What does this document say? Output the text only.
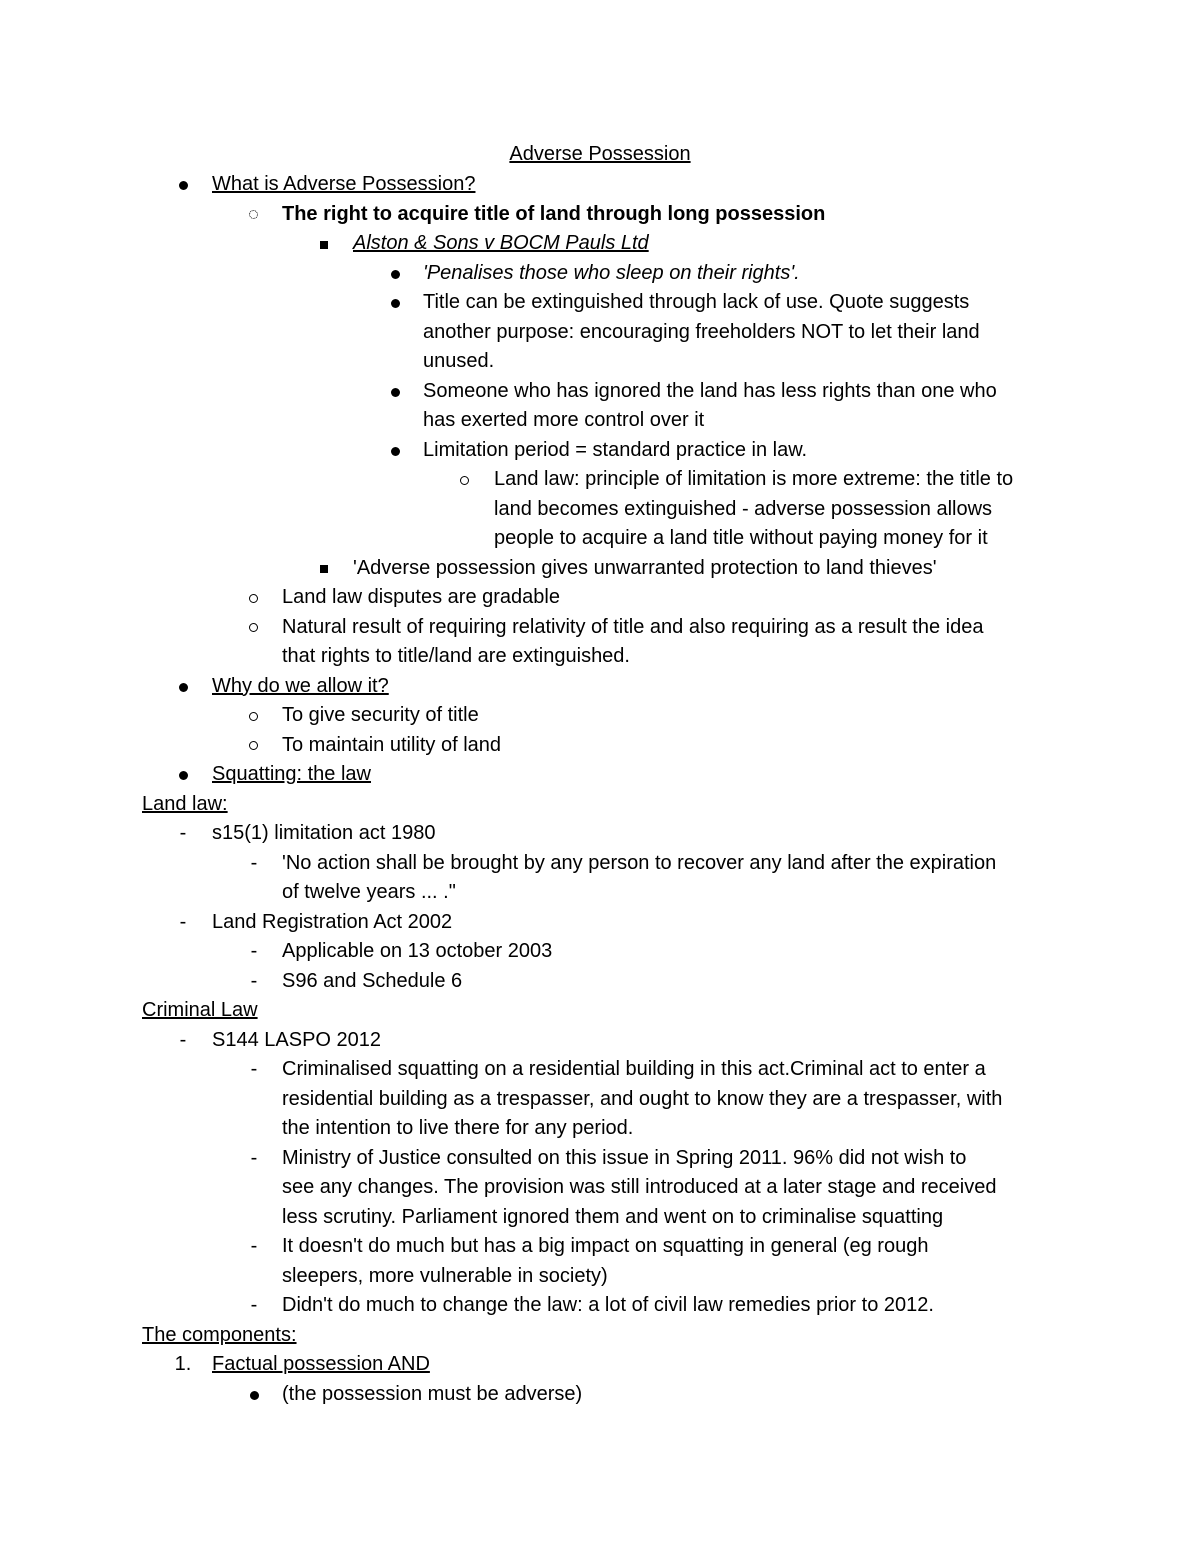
Adverse Possession
What is Adverse Possession?
The right to acquire title of land through long possession
Alston & Sons v BOCM Pauls Ltd
'Penalises those who sleep on their rights'.
Title can be extinguished through lack of use. Quote suggests
another purpose: encouraging freeholders NOT to let their land
unused.
Someone who has ignored the land has less rights than one who
has exerted more control over it
Limitation period = standard practice in law.
Land law: principle of limitation is more extreme: the title to
land becomes extinguished - adverse possession allows
people to acquire a land title without paying money for it
'Adverse possession gives unwarranted protection to land thieves'
Land law disputes are gradable
Natural result of requiring relativity of title and also requiring as a result the idea
that rights to title/land are extinguished.
Why do we allow it?
To give security of title
To maintain utility of land
Squatting: the law
Land law:
-	s15(1) limitation act 1980
-	'No action shall be brought by any person to recover any land after the expiration
of twelve years ... ."
-	Land Registration Act 2002
-	Applicable on 13 october 2003
-	S96 and Schedule 6
Criminal Law
-	S144 LASPO 2012
-	Criminalised squatting on a residential building in this act.Criminal act to enter a
residential building as a trespasser, and ought to know they are a trespasser, with
the intention to live there for any period.
-	Ministry of Justice consulted on this issue in Spring 2011. 96% did not wish to
see any changes. The provision was still introduced at a later stage and received
less scrutiny. Parliament ignored them and went on to criminalise squatting
-	It doesn't do much but has a big impact on squatting in general (eg rough
sleepers, more vulnerable in society)
-	Didn't do much to change the law: a lot of civil law remedies prior to 2012.
The components:
1. Factual possession AND
(the possession must be adverse)
